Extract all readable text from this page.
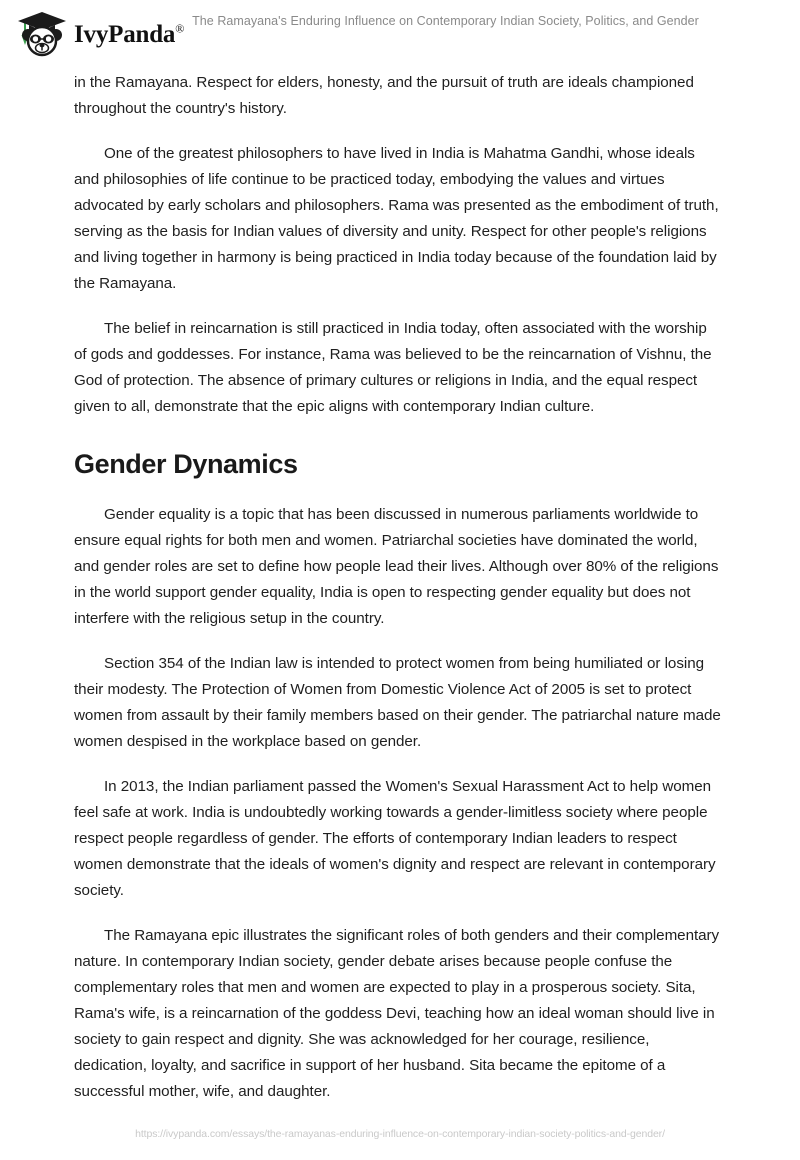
IvyPanda®
The Ramayana's Enduring Influence on Contemporary Indian Society, Politics, and Gender

in the Ramayana. Respect for elders, honesty, and the pursuit of truth are ideals championed throughout the country's history.

One of the greatest philosophers to have lived in India is Mahatma Gandhi, whose ideals and philosophies of life continue to be practiced today, embodying the values and virtues advocated by early scholars and philosophers. Rama was presented as the embodiment of truth, serving as the basis for Indian values of diversity and unity. Respect for other people's religions and living together in harmony is being practiced in India today because of the foundation laid by the Ramayana.

The belief in reincarnation is still practiced in India today, often associated with the worship of gods and goddesses. For instance, Rama was believed to be the reincarnation of Vishnu, the God of protection. The absence of primary cultures or religions in India, and the equal respect given to all, demonstrate that the epic aligns with contemporary Indian culture.

Gender Dynamics

Gender equality is a topic that has been discussed in numerous parliaments worldwide to ensure equal rights for both men and women. Patriarchal societies have dominated the world, and gender roles are set to define how people lead their lives. Although over 80% of the religions in the world support gender equality, India is open to respecting gender equality but does not interfere with the religious setup in the country.

Section 354 of the Indian law is intended to protect women from being humiliated or losing their modesty. The Protection of Women from Domestic Violence Act of 2005 is set to protect women from assault by their family members based on their gender. The patriarchal nature made women despised in the workplace based on gender.

In 2013, the Indian parliament passed the Women's Sexual Harassment Act to help women feel safe at work. India is undoubtedly working towards a gender-limitless society where people respect people regardless of gender. The efforts of contemporary Indian leaders to respect women demonstrate that the ideals of women's dignity and respect are relevant in contemporary society.

The Ramayana epic illustrates the significant roles of both genders and their complementary nature. In contemporary Indian society, gender debate arises because people confuse the complementary roles that men and women are expected to play in a prosperous society. Sita, Rama's wife, is a reincarnation of the goddess Devi, teaching how an ideal woman should live in society to gain respect and dignity. She was acknowledged for her courage, resilience, dedication, loyalty, and sacrifice in support of her husband. Sita became the epitome of a successful mother, wife, and daughter.

https://ivypanda.com/essays/the-ramayanas-enduring-influence-on-contemporary-indian-society-politics-and-gender/
